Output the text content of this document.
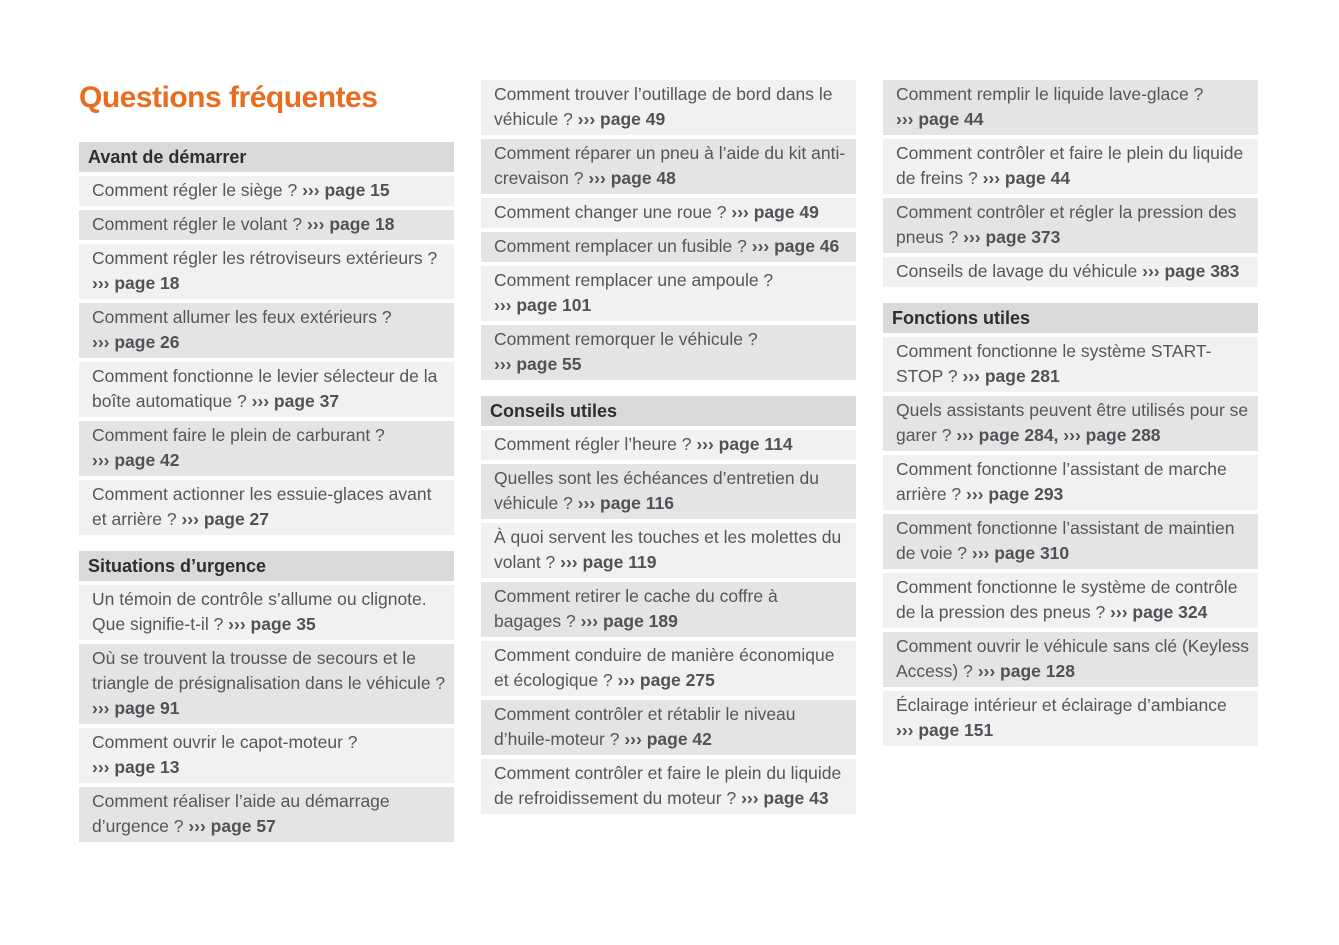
Questions fréquentes
Avant de démarrer
Comment régler le siège ? ››› page 15
Comment régler le volant ? ››› page 18
Comment régler les rétroviseurs extérieurs ? ››› page 18
Comment allumer les feux extérieurs ? ››› page 26
Comment fonctionne le levier sélecteur de la boîte automatique ? ››› page 37
Comment faire le plein de carburant ? ››› page 42
Comment actionner les essuie-glaces avant et arrière ? ››› page 27
Situations d’urgence
Un témoin de contrôle s’allume ou clignote. Que signifie-t-il ? ››› page 35
Où se trouvent la trousse de secours et le triangle de présignalisation dans le véhicule ? ››› page 91
Comment ouvrir le capot-moteur ? ››› page 13
Comment réaliser l’aide au démarrage d’urgence ? ››› page 57
Comment trouver l’outillage de bord dans le véhicule ? ››› page 49
Comment réparer un pneu à l’aide du kit anti-crevaison ? ››› page 48
Comment changer une roue ? ››› page 49
Comment remplacer un fusible ? ››› page 46
Comment remplacer une ampoule ? ››› page 101
Comment remorquer le véhicule ? ››› page 55
Conseils utiles
Comment régler l’heure ? ››› page 114
Quelles sont les échéances d’entretien du véhicule ? ››› page 116
À quoi servent les touches et les molettes du volant ? ››› page 119
Comment retirer le cache du coffre à bagages ? ››› page 189
Comment conduire de manière économique et écologique ? ››› page 275
Comment contrôler et rétablir le niveau d’huile-moteur ? ››› page 42
Comment contrôler et faire le plein du liquide de refroidissement du moteur ? ››› page 43
Comment remplir le liquide lave-glace ? ››› page 44
Comment contrôler et faire le plein du liquide de freins ? ››› page 44
Comment contrôler et régler la pression des pneus ? ››› page 373
Conseils de lavage du véhicule ››› page 383
Fonctions utiles
Comment fonctionne le système START-STOP ? ››› page 281
Quels assistants peuvent être utilisés pour se garer ? ››› page 284, ››› page 288
Comment fonctionne l’assistant de marche arrière ? ››› page 293
Comment fonctionne l’assistant de maintien de voie ? ››› page 310
Comment fonctionne le système de contrôle de la pression des pneus ? ››› page 324
Comment ouvrir le véhicule sans clé (Keyless Access) ? ››› page 128
Éclairage intérieur et éclairage d’ambiance ››› page 151
